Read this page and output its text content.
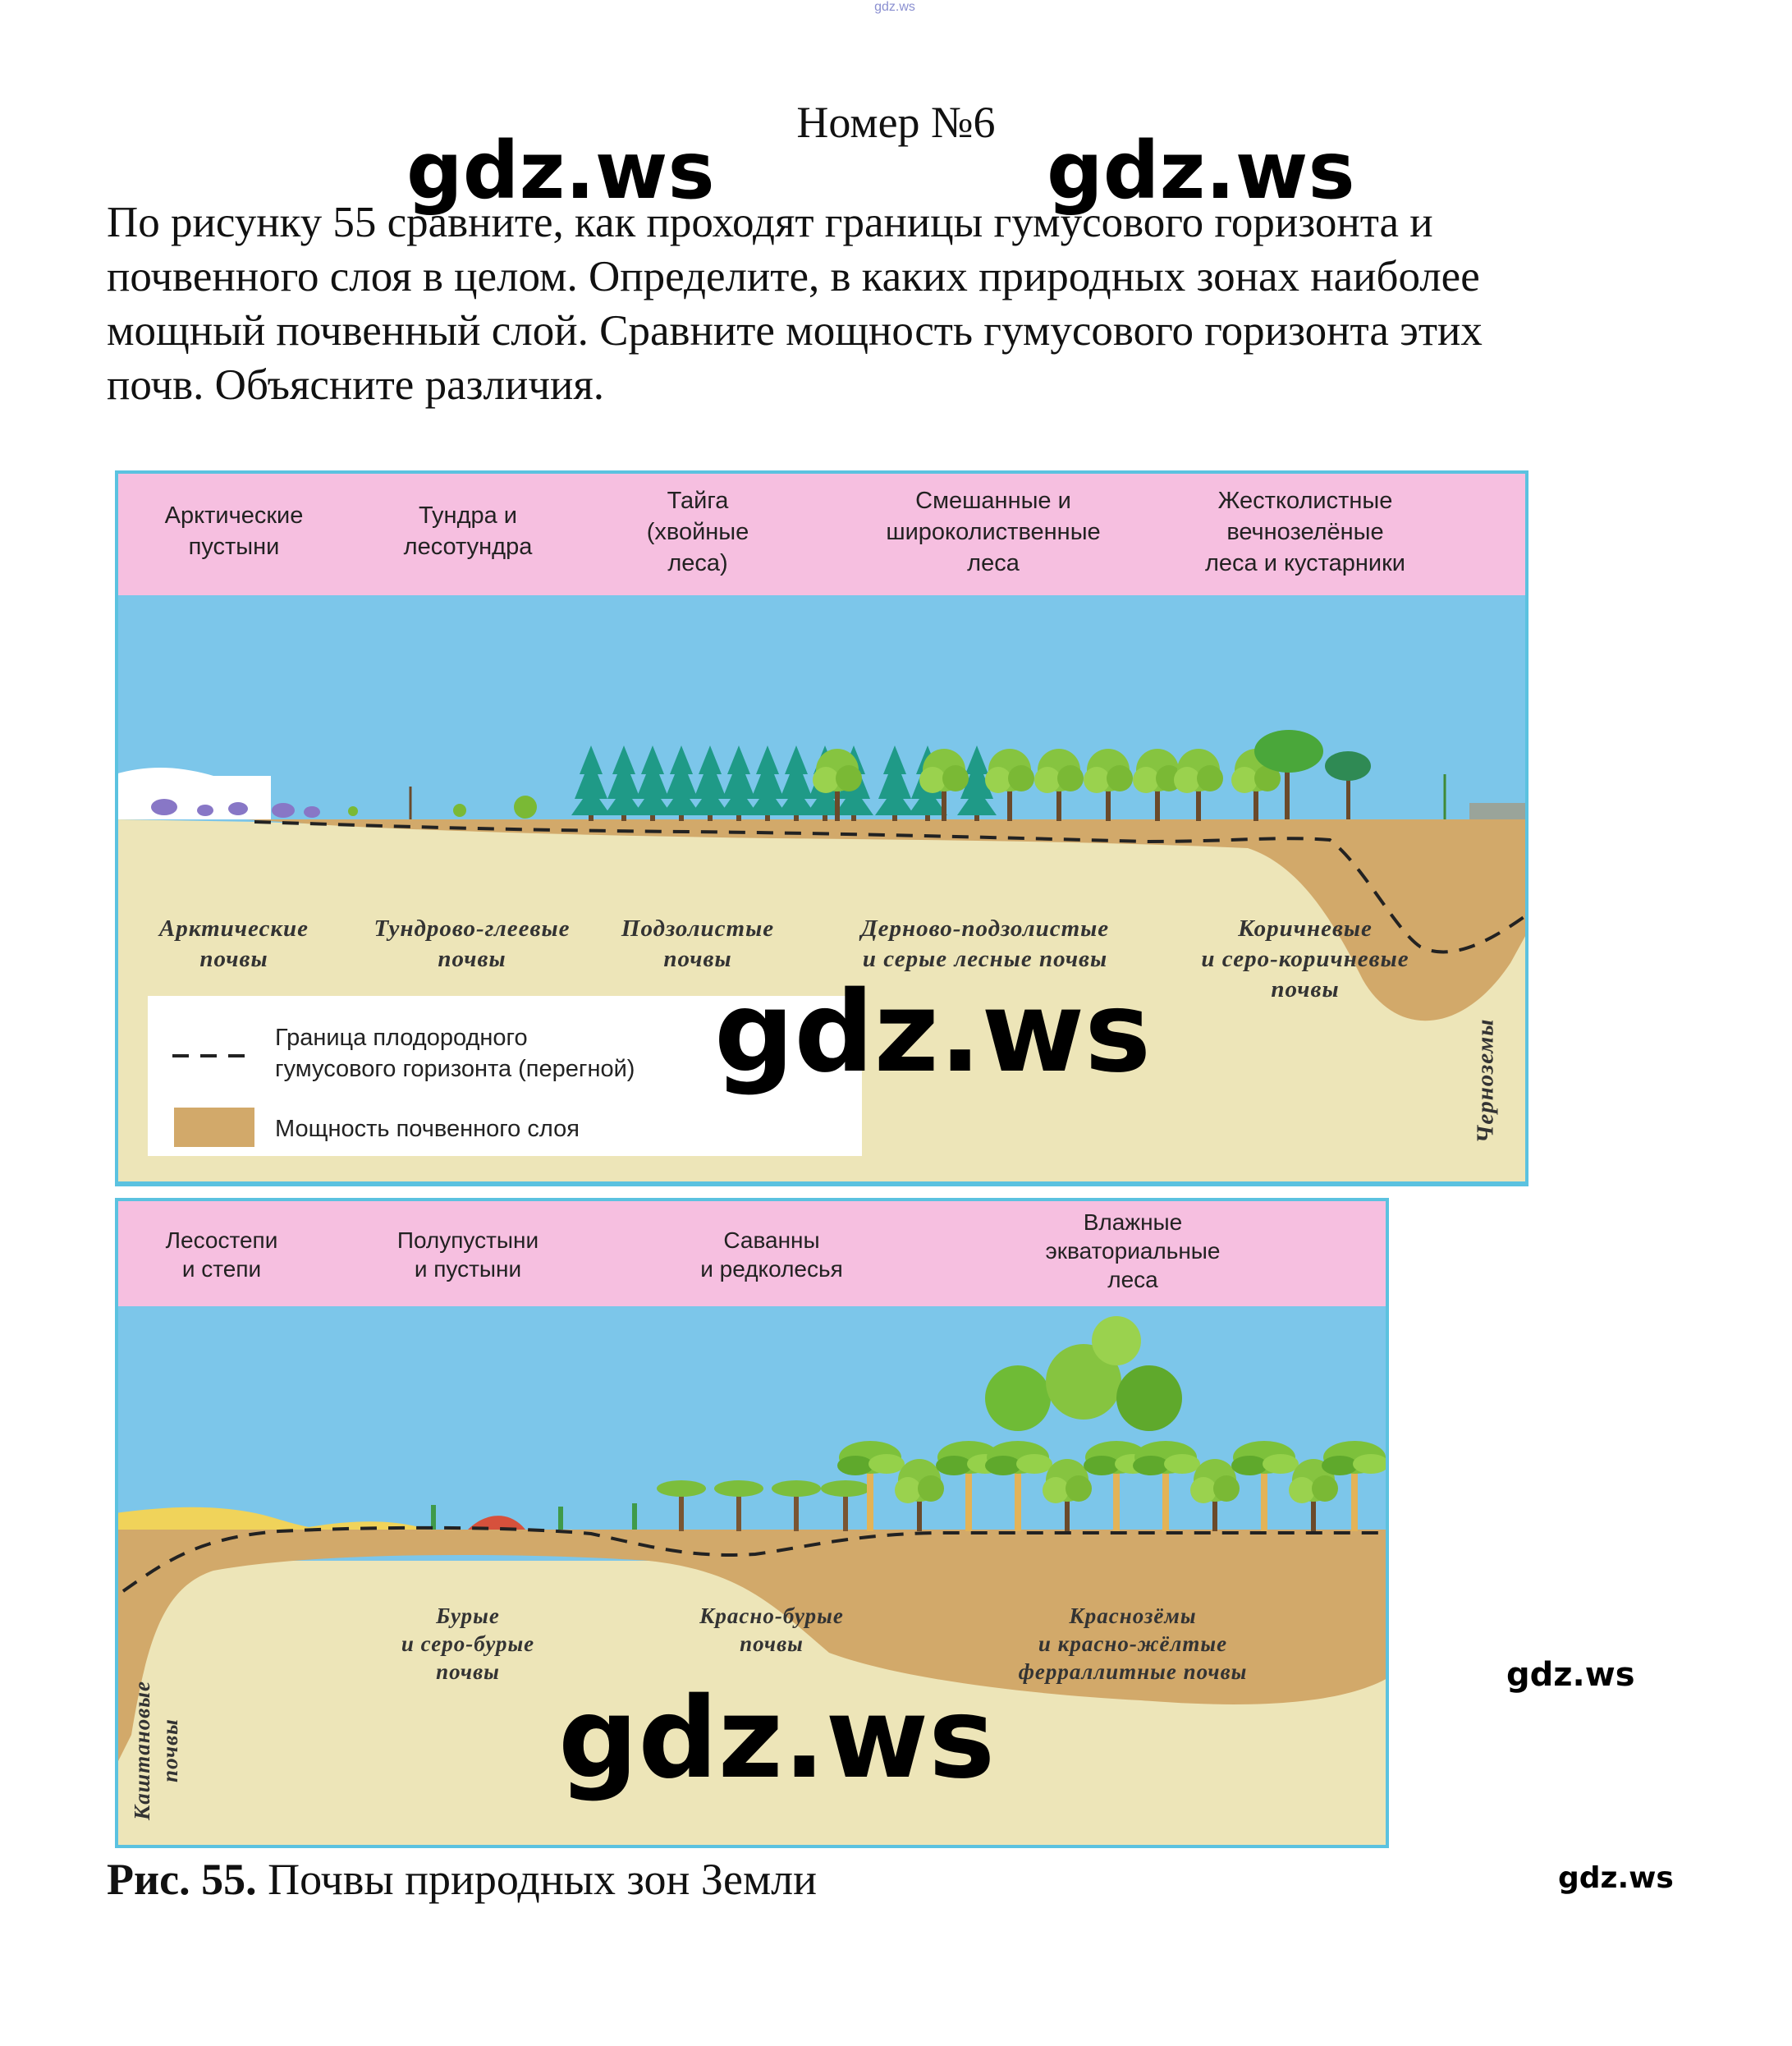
gdz.ws
Номер №6
gdz.ws	gdz.ws

По рисунку 55 сравните, как проходят границы гумусового горизонта и

почвенного слоя в целом. Определите, в каких природных зонах наиболее

мощный почвенный слой. Сравните мощность гумусового горизонта этих

почв. Объясните различия.

Арктические
пустыни
Тундра и
лесотундра
Тайга
(хвойные
леса)
Смешанные и
широколиственные
леса
Жестколистные
вечнозелёные
леса и кустарники
Арктические
почвы
Тундрово-глеевые
почвы
Подзолистые
почвы
Дерново-подзолистые
и серые лесные почвы
Коричневые
и серо-коричневые
почвы
Черноземы
Граница плодородного
гумусового горизонта (перегной)
Мощность почвенного слоя
Лесостепи
и степи
Полупустыни
и пустыни
Саванны
и редколесья
Влажные
экваториальные
леса
Бурые
и серо-бурые
почвы
Красно-бурые
почвы
Краснозёмы
и красно-жёлтые
ферраллитные почвы
Каштановые почвы
gdz.ws
gdz.ws	gdz.ws
gdz.ws
Рис. 55. Почвы природных зон Земли
